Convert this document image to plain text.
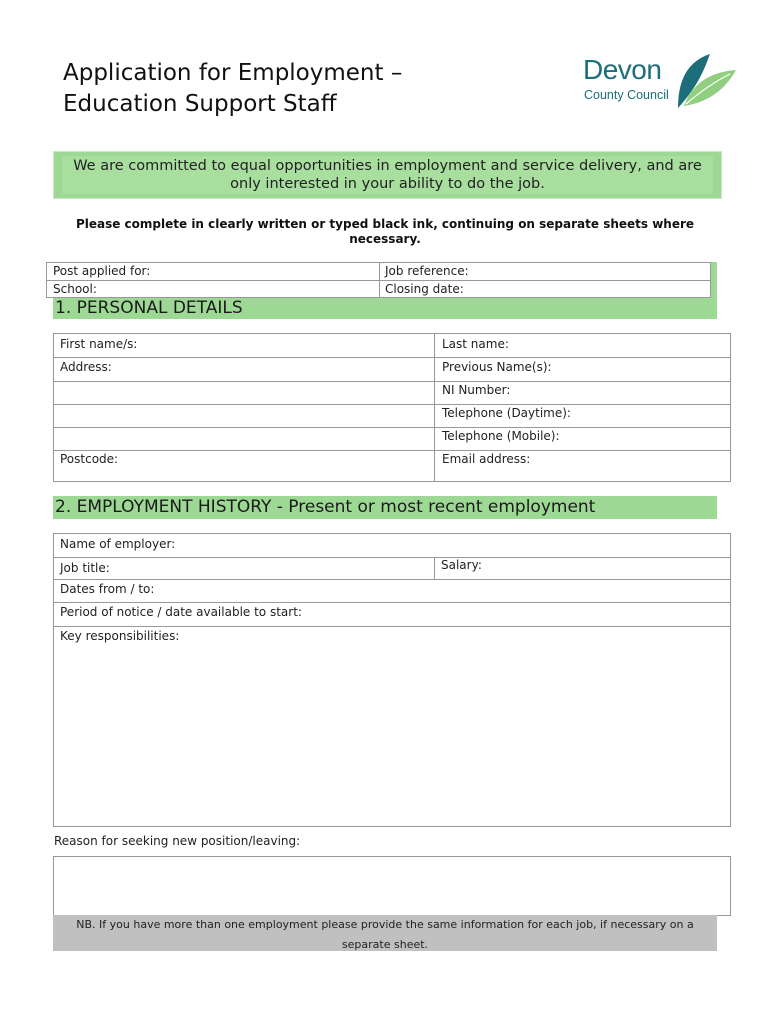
Application for Employment –
Education Support Staff
Devon
County Council
We are committed to equal opportunities in employment and service delivery, and are only interested in your ability to do the job.
Please complete in clearly written or typed black ink, continuing on separate sheets where necessary.
Post applied for:	Job reference:
School:	Closing date:
1. PERSONAL DETAILS
First name/s:	Last name:
Address:	Previous Name(s):
NI Number:
Telephone (Daytime):
Telephone (Mobile):
Postcode:	Email address:
2. EMPLOYMENT HISTORY - Present or most recent employment
Name of employer:
Job title:	Salary:
Dates from / to:
Period of notice / date available to start:
Key responsibilities:
Reason for seeking new position/leaving:
NB. If you have more than one employment please provide the same information for each job, if necessary on a separate sheet.
